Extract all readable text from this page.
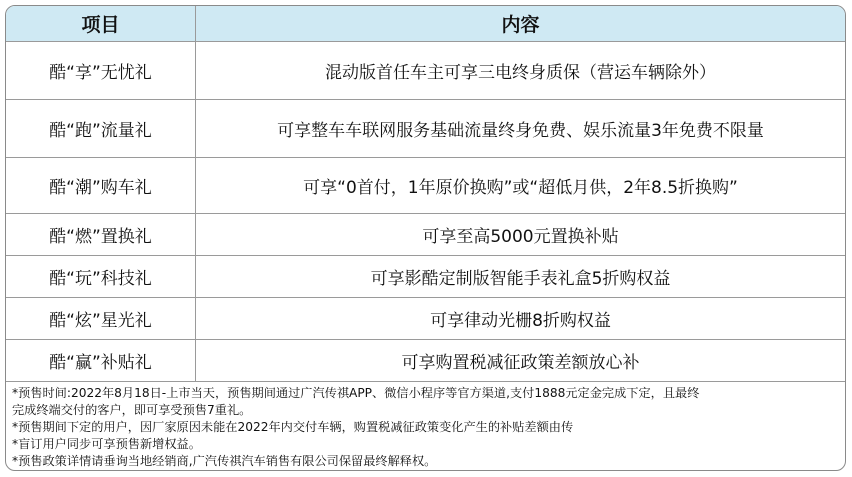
项目	内容
酷“享”无忧礼	混动版首任车主可享三电终身质保（营运车辆除外）
酷“跑”流量礼	可享整车车联网服务基础流量终身免费、娱乐流量3年免费不限量
酷“潮”购车礼	可享“0首付，1年原价换购”或“超低月供，2年8.5折换购”
酷“燃”置换礼	可享至高5000元置换补贴
酷“玩”科技礼	可享影酷定制版智能手表礼盒5折购权益
酷“炫”星光礼	可享律动光栅8折购权益
酷“赢”补贴礼	可享购置税减征政策差额放心补
*预售时间:2022年8月18日-上市当天，预售期间通过广汽传祺APP、微信小程序等官方渠道,支付1888元定金完成下定，且最终
完成终端交付的客户，即可享受预售7重礼。
*预售期间下定的用户，因厂家原因未能在2022年内交付车辆，购置税减征政策变化产生的补贴差额由传
*盲订用户同步可享预售新增权益。
*预售政策详情请垂询当地经销商,广汽传祺汽车销售有限公司保留最终解释权。
